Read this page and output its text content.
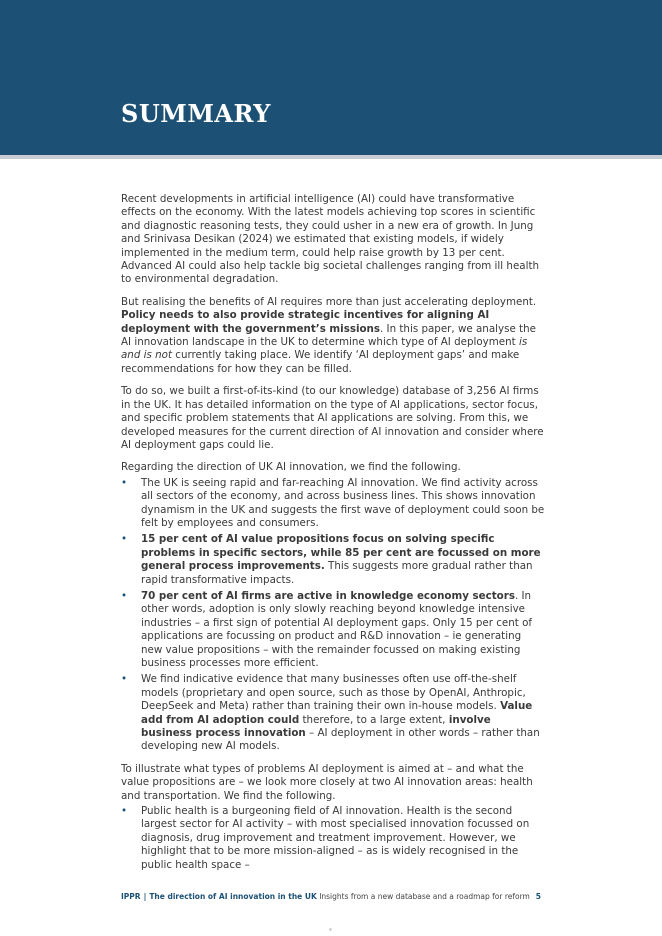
SUMMARY

Recent developments in artificial intelligence (AI) could have transformative effects on the economy. With the latest models achieving top scores in scientific and diagnostic reasoning tests, they could usher in a new era of growth. In Jung and Srinivasa Desikan (2024) we estimated that existing models, if widely implemented in the medium term, could help raise growth by 13 per cent. Advanced AI could also help tackle big societal challenges ranging from ill health to environmental degradation.

But realising the benefits of AI requires more than just accelerating deployment. Policy needs to also provide strategic incentives for aligning AI deployment with the government’s missions. In this paper, we analyse the AI innovation landscape in the UK to determine which type of AI deployment is and is not currently taking place. We identify ‘AI deployment gaps’ and make recommendations for how they can be filled.

To do so, we built a first-of-its-kind (to our knowledge) database of 3,256 AI firms in the UK. It has detailed information on the type of AI applications, sector focus, and specific problem statements that AI applications are solving. From this, we developed measures for the current direction of AI innovation and consider where AI deployment gaps could lie.

Regarding the direction of UK AI innovation, we find the following.

• The UK is seeing rapid and far-reaching AI innovation. We find activity across all sectors of the economy, and across business lines. This shows innovation dynamism in the UK and suggests the first wave of deployment could soon be felt by employees and consumers.
• 15 per cent of AI value propositions focus on solving specific problems in specific sectors, while 85 per cent are focussed on more general process improvements. This suggests more gradual rather than rapid transformative impacts.
• 70 per cent of AI firms are active in knowledge economy sectors. In other words, adoption is only slowly reaching beyond knowledge intensive industries – a first sign of potential AI deployment gaps. Only 15 per cent of applications are focussing on product and R&D innovation – ie generating new value propositions – with the remainder focussed on making existing business processes more efficient.
• We find indicative evidence that many businesses often use off-the-shelf models (proprietary and open source, such as those by OpenAI, Anthropic, DeepSeek and Meta) rather than training their own in-house models. Value add from AI adoption could therefore, to a large extent, involve business process innovation – AI deployment in other words – rather than developing new AI models.

To illustrate what types of problems AI deployment is aimed at – and what the value propositions are – we look more closely at two AI innovation areas: health and transportation. We find the following.

• Public health is a burgeoning field of AI innovation. Health is the second largest sector for AI activity – with most specialised innovation focussed on diagnosis, drug improvement and treatment improvement. However, we highlight that to be more mission-aligned – as is widely recognised in the public health space –
IPPR | The direction of AI innovation in the UK Insights from a new database and a roadmap for reform 5
